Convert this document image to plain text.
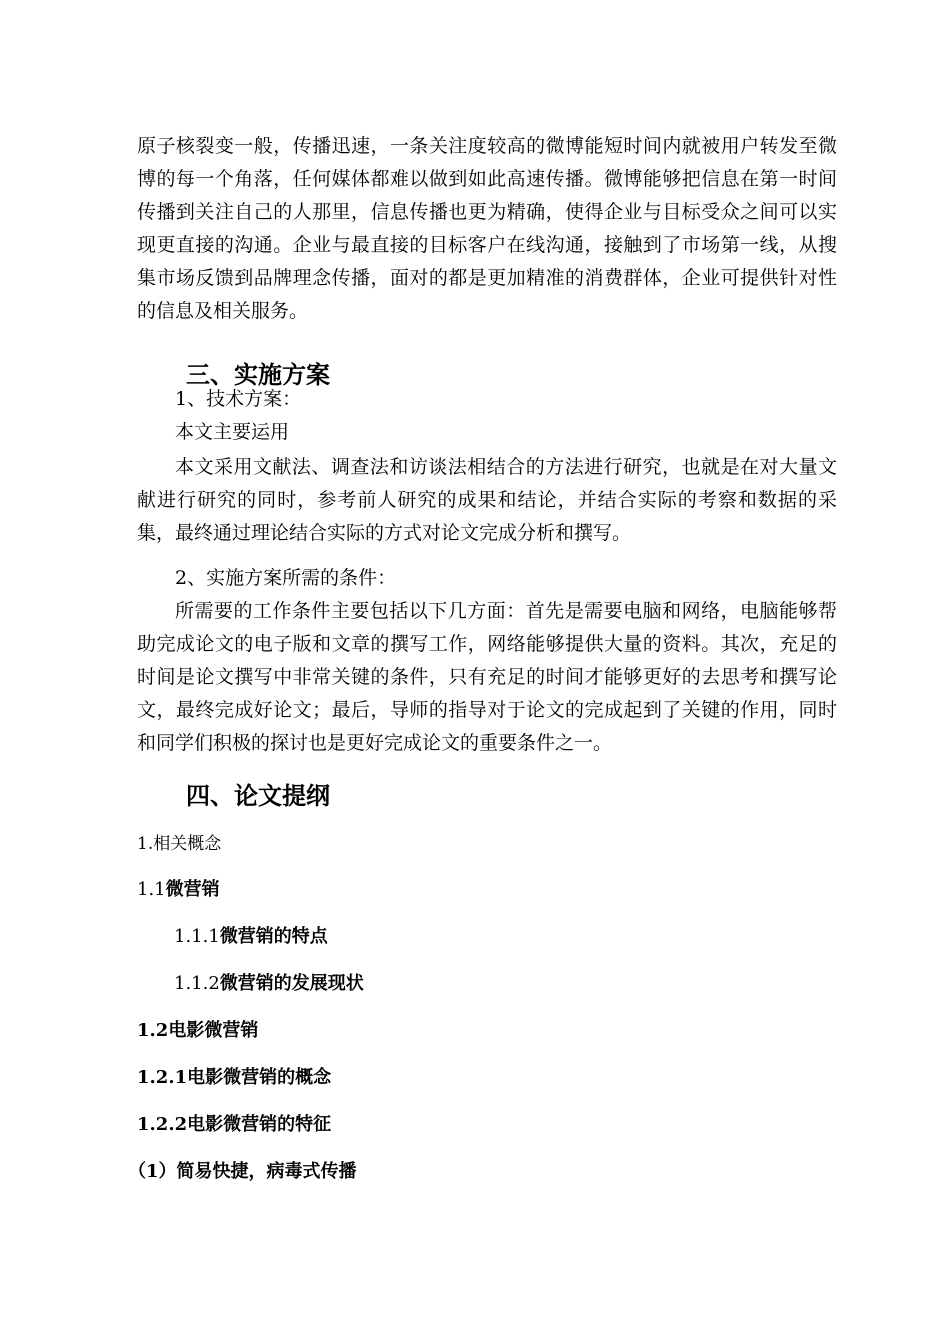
原子核裂变一般，传播迅速，一条关注度较高的微博能短时间内就被用户转发至微博的每一个角落，任何媒体都难以做到如此高速传播。微博能够把信息在第一时间传播到关注自己的人那里，信息传播也更为精确，使得企业与目标受众之间可以实现更直接的沟通。企业与最直接的目标客户在线沟通，接触到了市场第一线，从搜集市场反馈到品牌理念传播，面对的都是更加精准的消费群体，企业可提供针对性的信息及相关服务。

三、实施方案
1、技术方案：
本文主要运用

本文采用文献法、调查法和访谈法相结合的方法进行研究，也就是在对大量文献进行研究的同时，参考前人研究的成果和结论，并结合实际的考察和数据的采集，最终通过理论结合实际的方式对论文完成分析和撰写。

2、实施方案所需的条件：

所需要的工作条件主要包括以下几方面：首先是需要电脑和网络，电脑能够帮助完成论文的电子版和文章的撰写工作，网络能够提供大量的资料。其次，充足的时间是论文撰写中非常关键的条件，只有充足的时间才能够更好的去思考和撰写论文，最终完成好论文；最后，导师的指导对于论文的完成起到了关键的作用，同时和同学们积极的探讨也是更好完成论文的重要条件之一。

四、论文提纲
1.相关概念
1.1微营销
1.1.1微营销的特点
1.1.2微营销的发展现状
1.2电影微营销
1.2.1电影微营销的概念
1.2.2电影微营销的特征
（1）简易快捷，病毒式传播
